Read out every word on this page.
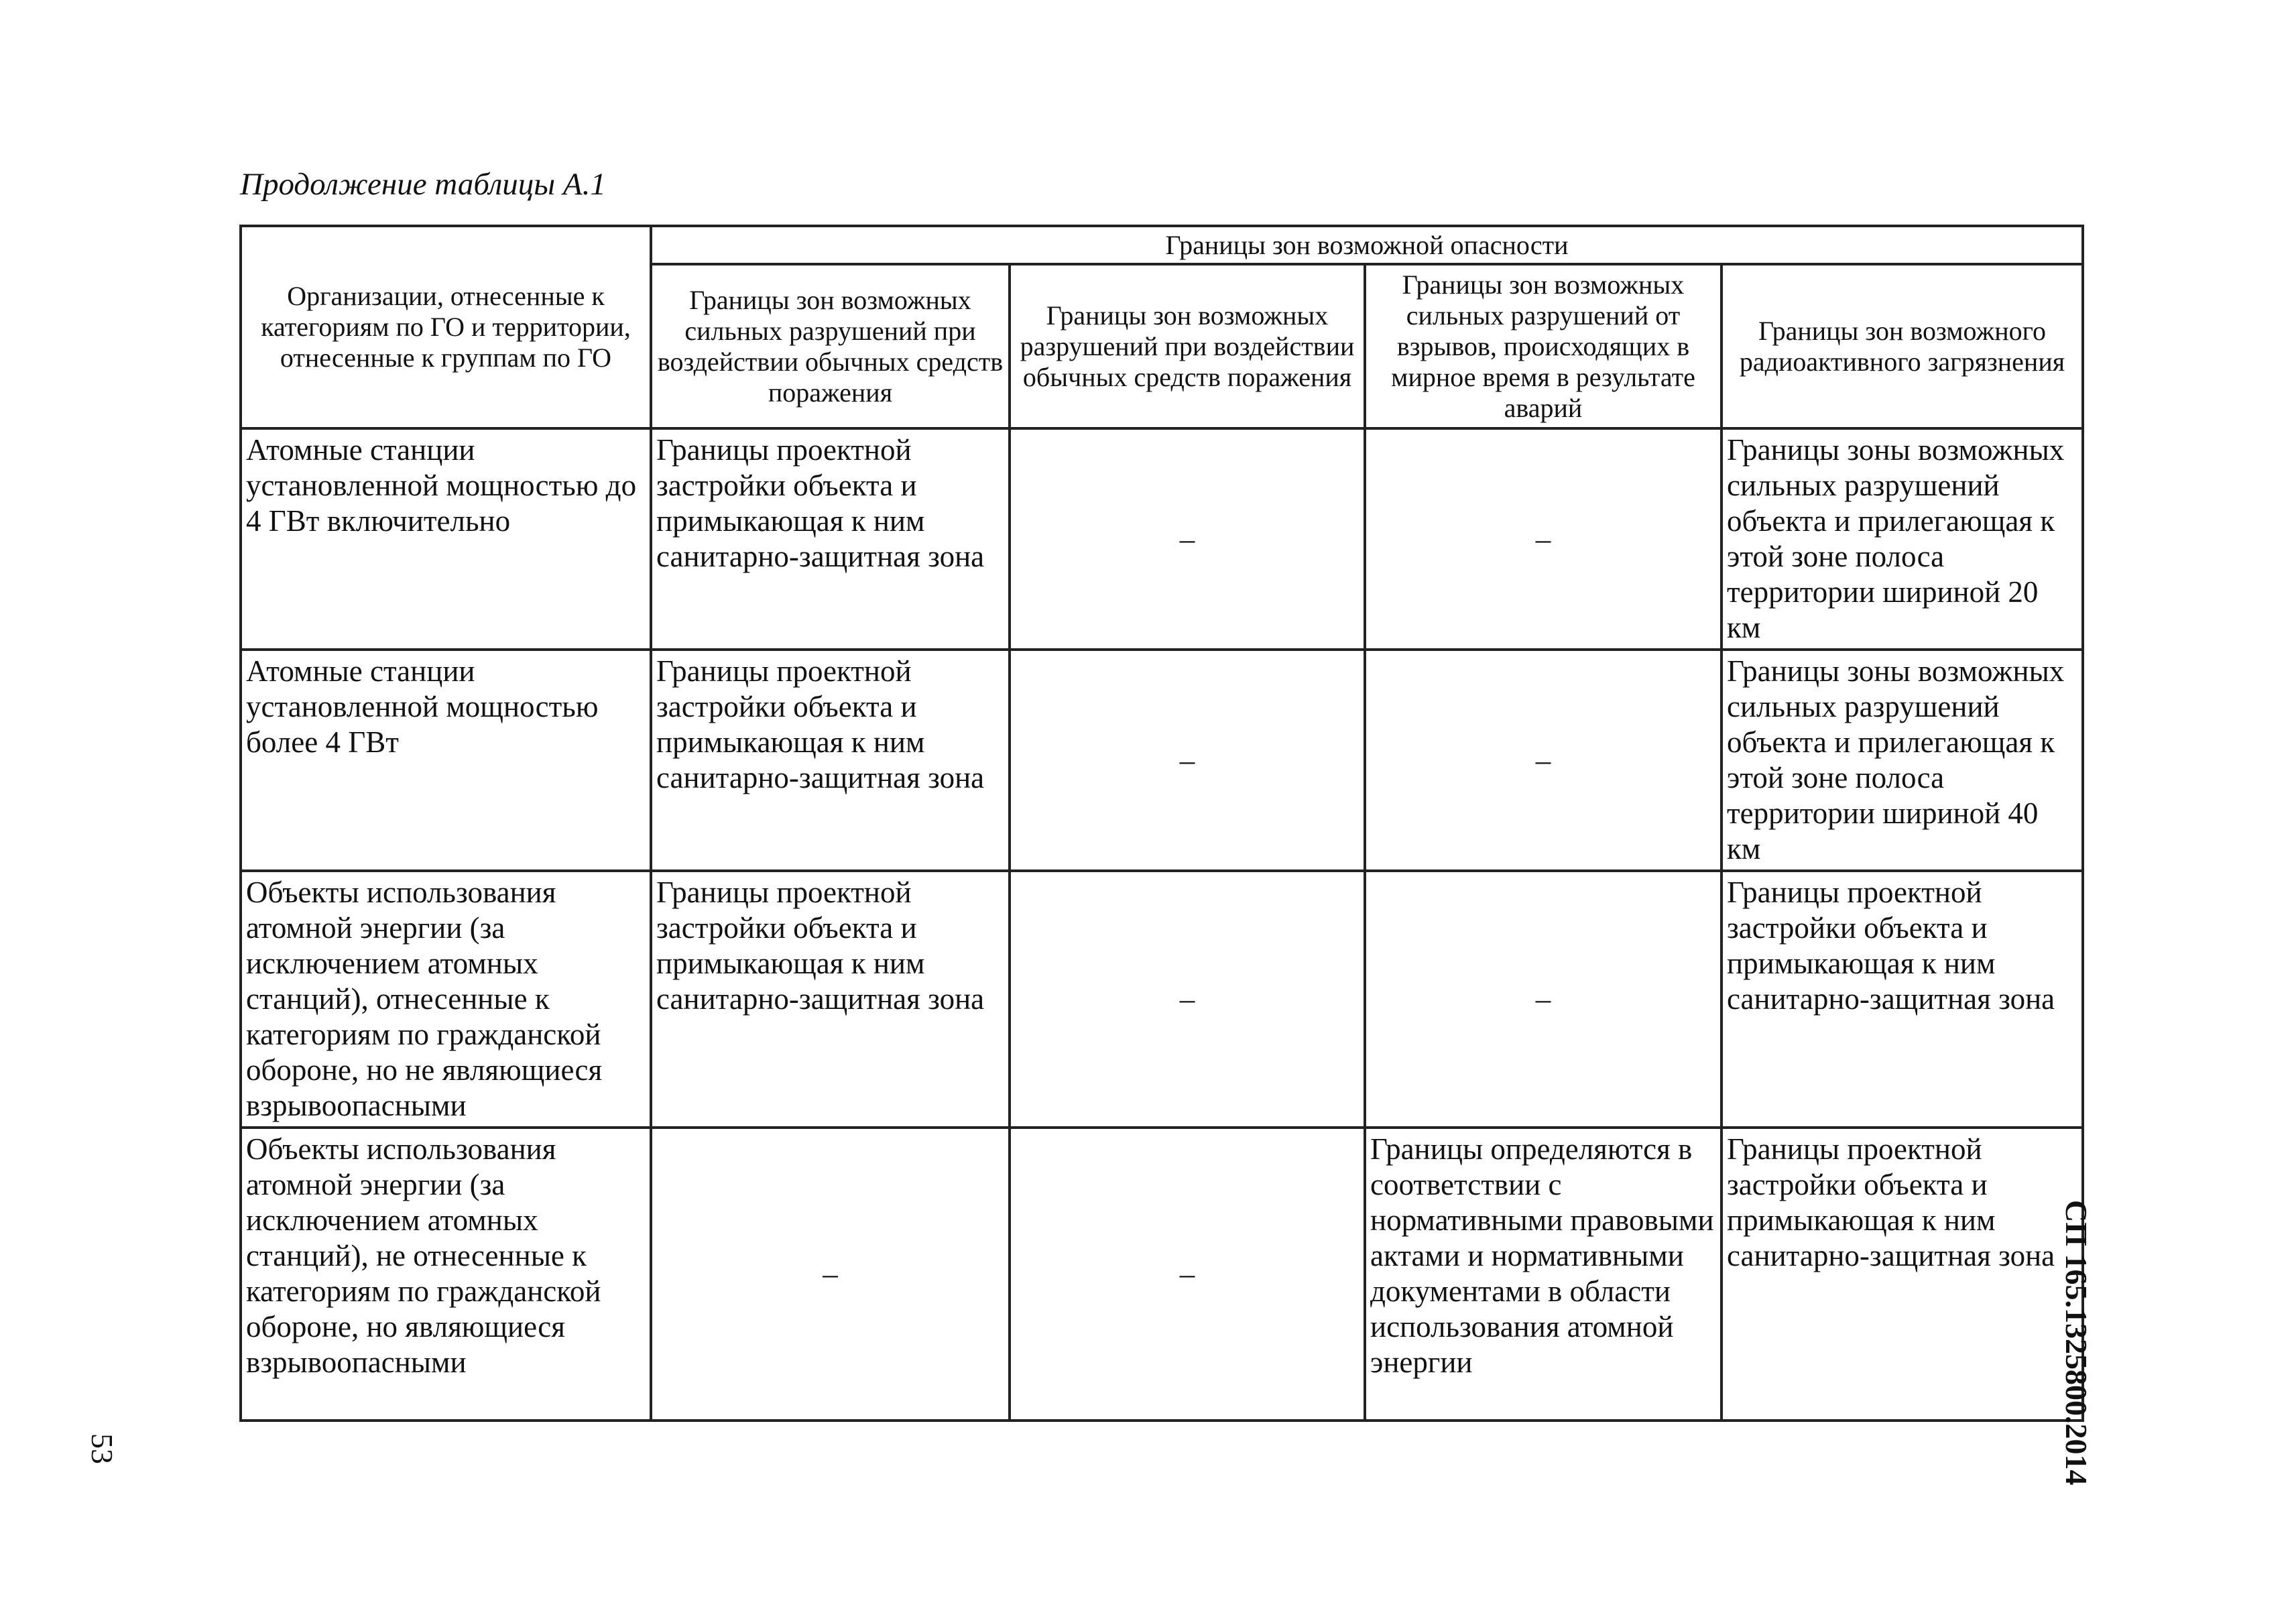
Продолжение таблицы А.1
Организации, отнесенные к категориям по ГО и территории, отнесенные к группам по ГО	Границы зон возможной опасности			
	Границы зон возможных сильных разрушений при воздействии обычных средств поражения	Границы зон возможных разрушений при воздействии обычных средств поражения	Границы зон возможных сильных разрушений от взрывов, происходящих в мирное время в результате аварий	Границы зон возможного радиоактивного загрязнения
Атомные станции установленной мощностью до 4 ГВт включительно	Границы проектной застройки объекта и примыкающая к ним санитарно-защитная зона	–	–	Границы зоны возможных сильных разрушений объекта и прилегающая к этой зоне полоса территории шириной 20 км
Атомные станции установленной мощностью более 4 ГВт	Границы проектной застройки объекта и примыкающая к ним санитарно-защитная зона	–	–	Границы зоны возможных сильных разрушений объекта и прилегающая к этой зоне полоса территории шириной 40 км
Объекты использования атомной энергии (за исключением атомных станций), отнесенные к категориям по гражданской обороне, но не являющиеся взрывоопасными	Границы проектной застройки объекта и примыкающая к ним санитарно-защитная зона	–	–	Границы проектной застройки объекта и примыкающая к ним санитарно-защитная зона
Объекты использования атомной энергии (за исключением атомных станций), не отнесенные к категориям по гражданской обороне, но являющиеся взрывоопасными	–	–	Границы определяются в соответствии с нормативными правовыми актами и нормативными документами в области использования атомной энергии	Границы проектной застройки объекта и примыкающая к ним санитарно-защитная зона СП 165.1325800.2014
53
